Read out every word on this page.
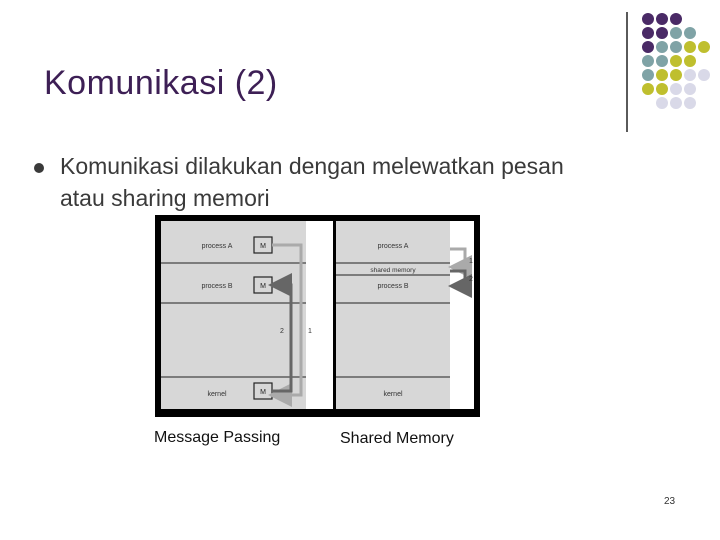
Komunikasi (2)
Komunikasi dilakukan dengan melewatkan pesan atau sharing memori
process A
process B
kernel
M
M
M
2	1
process A
shared memory
process B
kernel
1
2
Message Passing	Shared Memory
23
